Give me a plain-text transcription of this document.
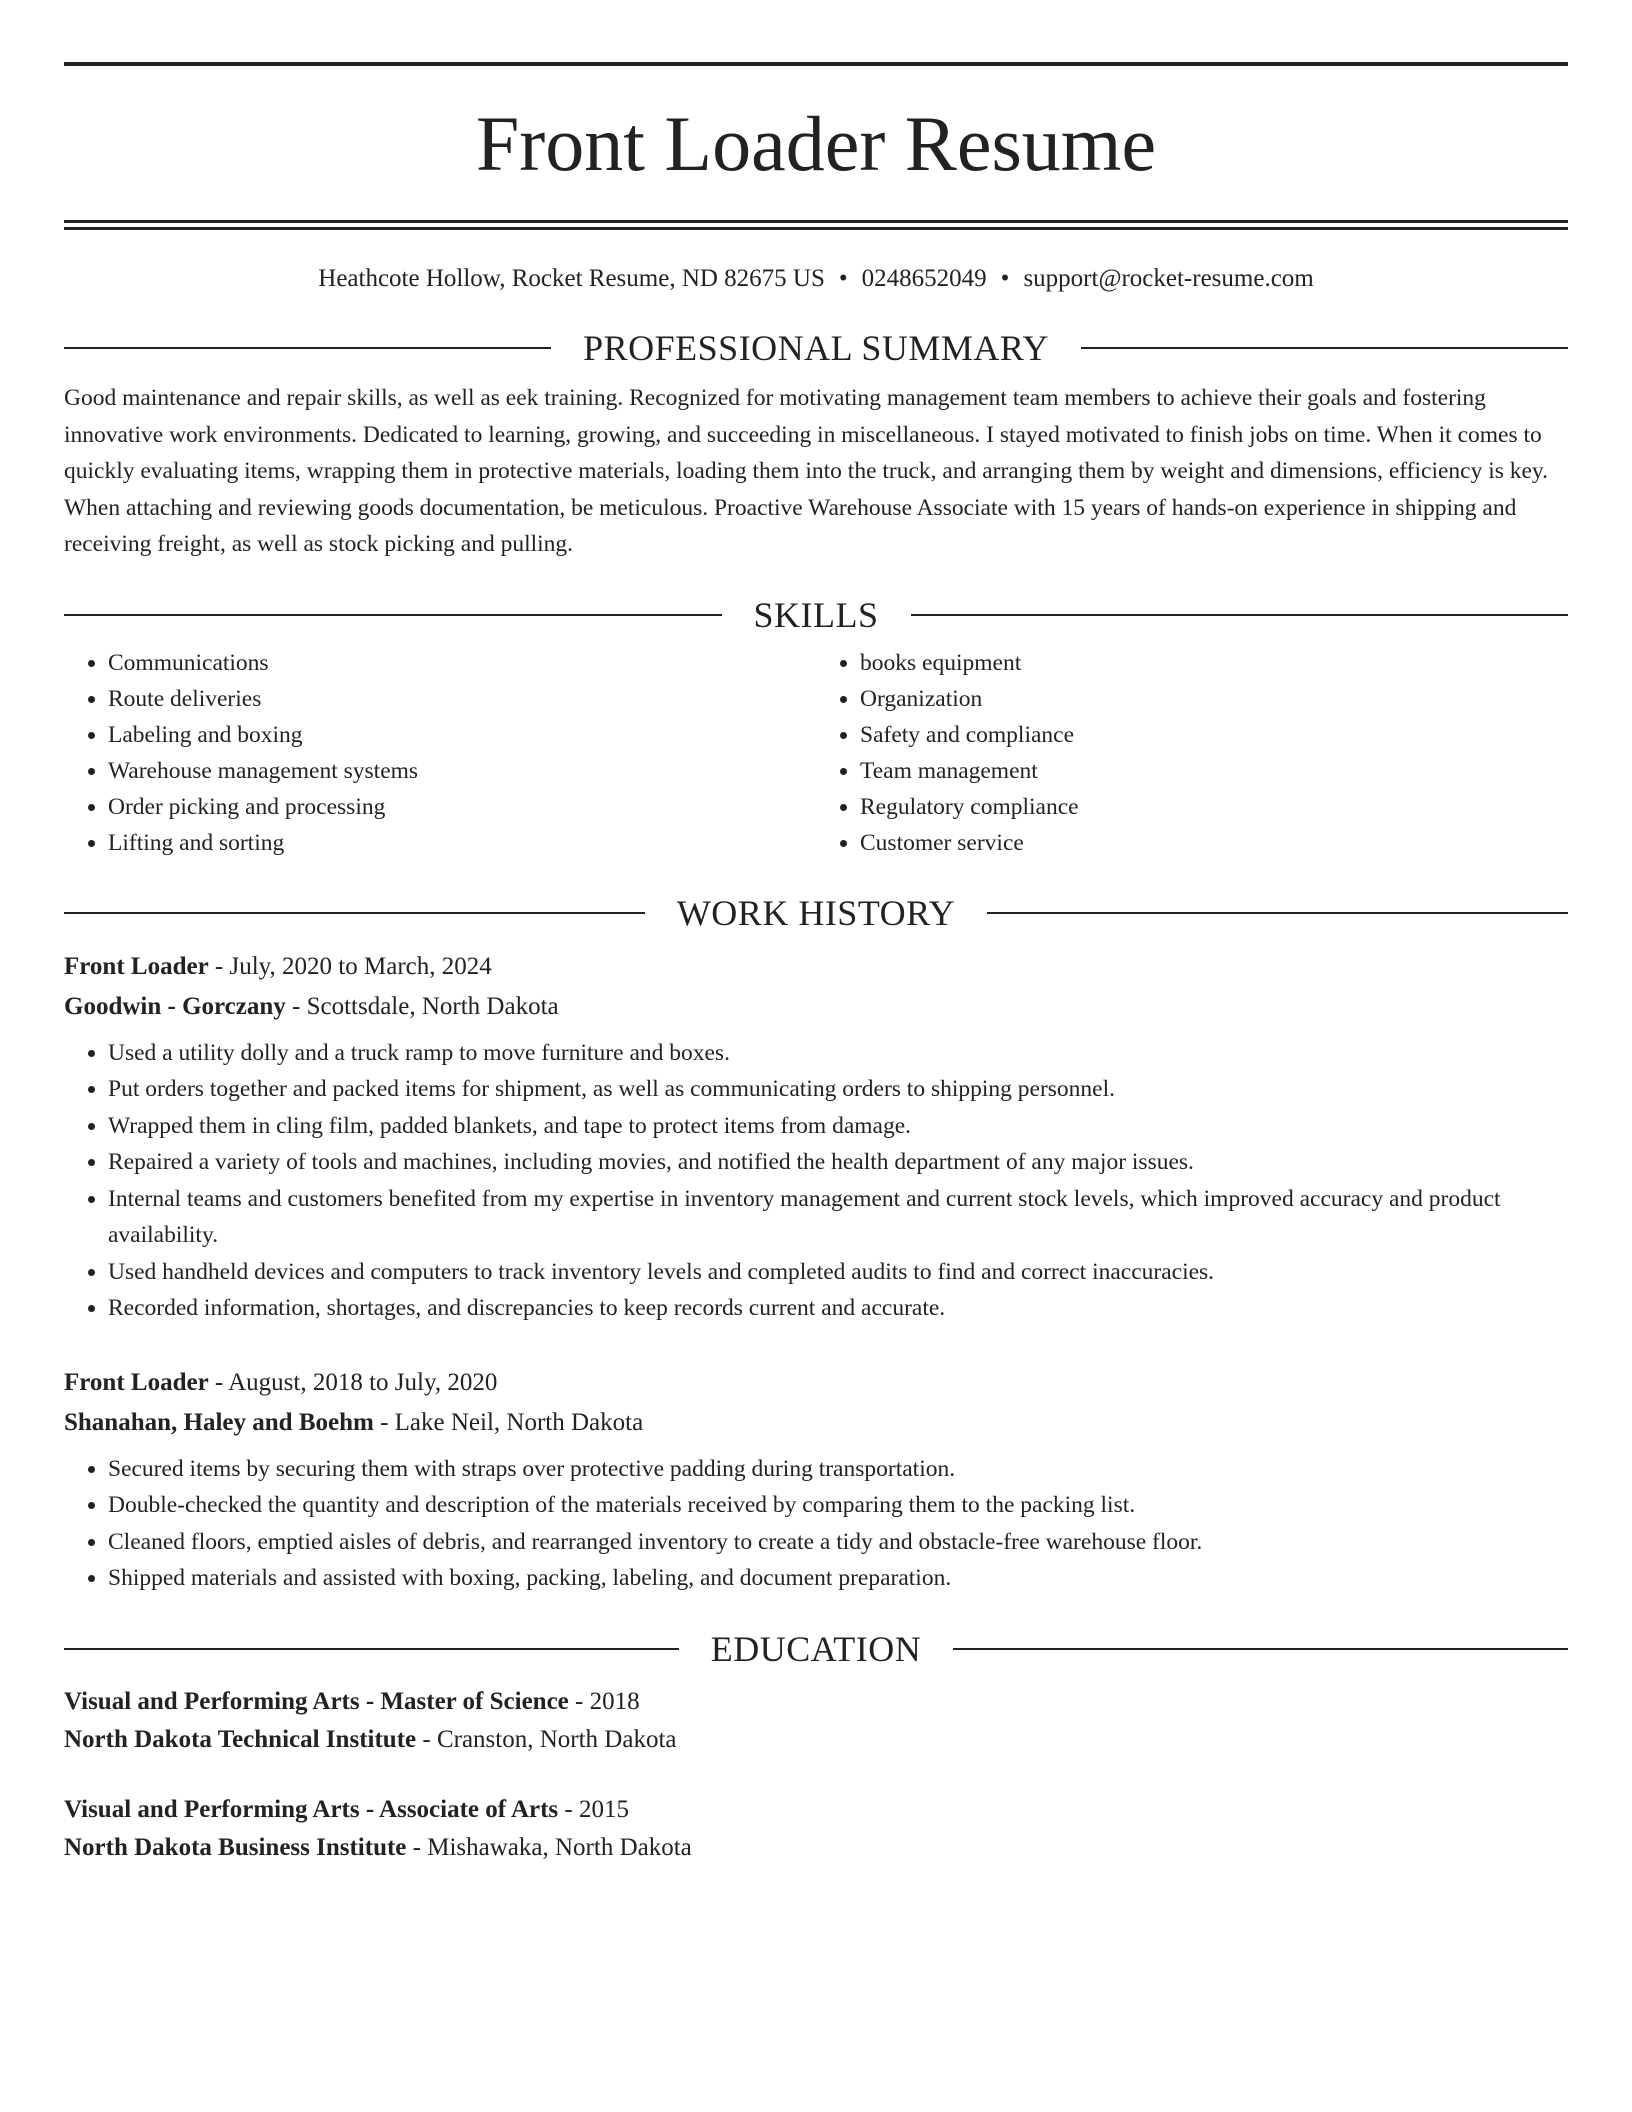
Front Loader Resume
Heathcote Hollow, Rocket Resume, ND 82675 US • 0248652049 • support@rocket-resume.com
PROFESSIONAL SUMMARY

Good maintenance and repair skills, as well as eek training. Recognized for motivating management team members to achieve their goals and fostering innovative work environments. Dedicated to learning, growing, and succeeding in miscellaneous. I stayed motivated to finish jobs on time. When it comes to quickly evaluating items, wrapping them in protective materials, loading them into the truck, and arranging them by weight and dimensions, efficiency is key. When attaching and reviewing goods documentation, be meticulous. Proactive Warehouse Associate with 15 years of hands-on experience in shipping and receiving freight, as well as stock picking and pulling.

SKILLS
• Communications
• Route deliveries
• Labeling and boxing
• Warehouse management systems
• Order picking and processing
• Lifting and sorting
• books equipment
• Organization
• Safety and compliance
• Team management
• Regulatory compliance
• Customer service
WORK HISTORY
Front Loader - July, 2020 to March, 2024
Goodwin - Gorczany - Scottsdale, North Dakota
• Used a utility dolly and a truck ramp to move furniture and boxes.
• Put orders together and packed items for shipment, as well as communicating orders to shipping personnel.
• Wrapped them in cling film, padded blankets, and tape to protect items from damage.
• Repaired a variety of tools and machines, including movies, and notified the health department of any major issues.
• Internal teams and customers benefited from my expertise in inventory management and current stock levels, which improved accuracy and product availability.
• Used handheld devices and computers to track inventory levels and completed audits to find and correct inaccuracies.
• Recorded information, shortages, and discrepancies to keep records current and accurate.
Front Loader - August, 2018 to July, 2020
Shanahan, Haley and Boehm - Lake Neil, North Dakota
• Secured items by securing them with straps over protective padding during transportation.
• Double-checked the quantity and description of the materials received by comparing them to the packing list.
• Cleaned floors, emptied aisles of debris, and rearranged inventory to create a tidy and obstacle-free warehouse floor.
• Shipped materials and assisted with boxing, packing, labeling, and document preparation.
EDUCATION
Visual and Performing Arts - Master of Science - 2018
North Dakota Technical Institute - Cranston, North Dakota
Visual and Performing Arts - Associate of Arts - 2015
North Dakota Business Institute - Mishawaka, North Dakota
